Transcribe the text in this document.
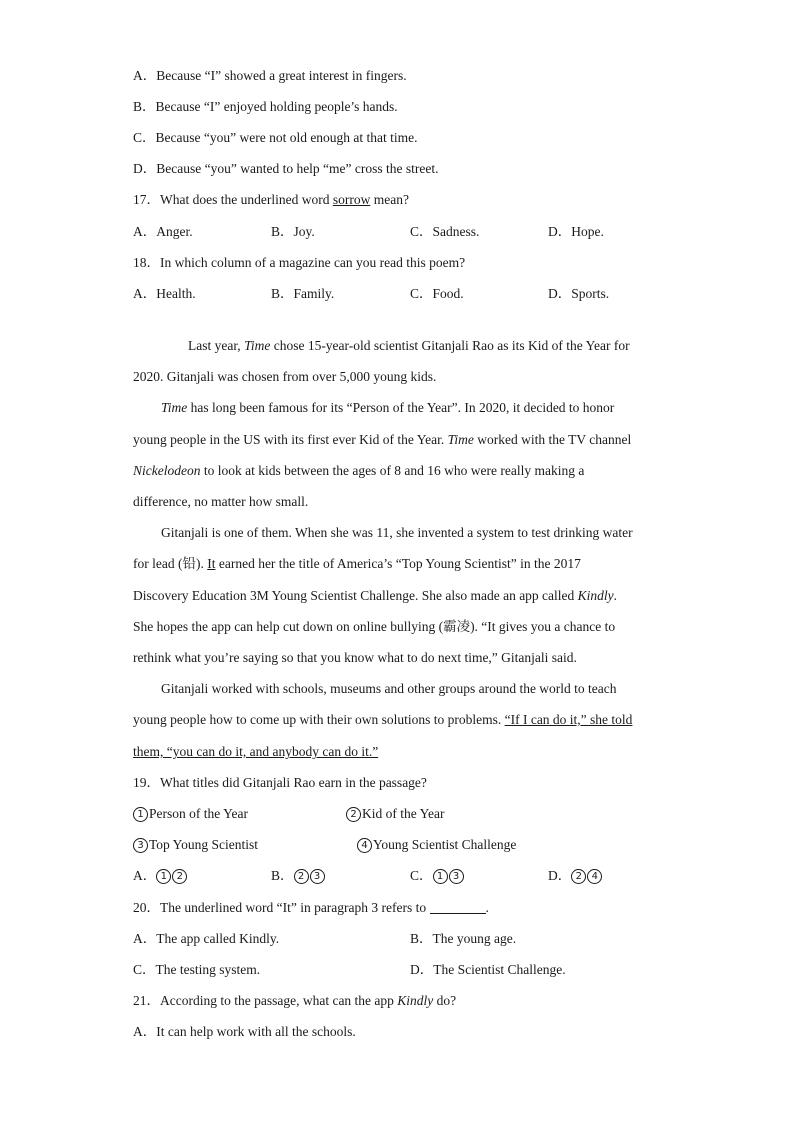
A．Because “I” showed a great interest in fingers.
B．Because “I” enjoyed holding people’s hands.
C．Because “you” were not old enough at that time.
D．Because “you” wanted to help “me” cross the street.
17．What does the underlined word sorrow mean?
A．Anger.	B．Joy.	C．Sadness.	D．Hope.
18．In which column of a magazine can you read this poem?
A．Health.	B．Family.	C．Food.	D．Sports.
Last year, Time chose 15-year-old scientist Gitanjali Rao as its Kid of the Year for
2020. Gitanjali was chosen from over 5,000 young kids.
Time has long been famous for its “Person of the Year”. In 2020, it decided to honor
young people in the US with its first ever Kid of the Year. Time worked with the TV channel
Nickelodeon to look at kids between the ages of 8 and 16 who were really making a
difference, no matter how small.
Gitanjali is one of them. When she was 11, she invented a system to test drinking water
for lead (铅). It earned her the title of America’s “Top Young Scientist” in the 2017
Discovery Education 3M Young Scientist Challenge. She also made an app called Kindly.
She hopes the app can help cut down on online bullying (霸凌). “It gives you a chance to
rethink what you’re saying so that you know what to do next time,” Gitanjali said.
Gitanjali worked with schools, museums and other groups around the world to teach
young people how to come up with their own solutions to problems. “If I can do it,” she told
them, “you can do it, and anybody can do it.”
19．What titles did Gitanjali Rao earn in the passage?
1 Person of the Year	2 Kid of the Year
3 Top Young Scientist	4 Young Scientist Challenge
A． 1 2	B． 2 3	C． 1 3	D． 2 4
20．The underlined word “It” in paragraph 3 refers to	.
A．The app called Kindly.	B．The young age.
C．The testing system.	D．The Scientist Challenge.
21．According to the passage, what can the app Kindly do?
A．It can help work with all the schools.
